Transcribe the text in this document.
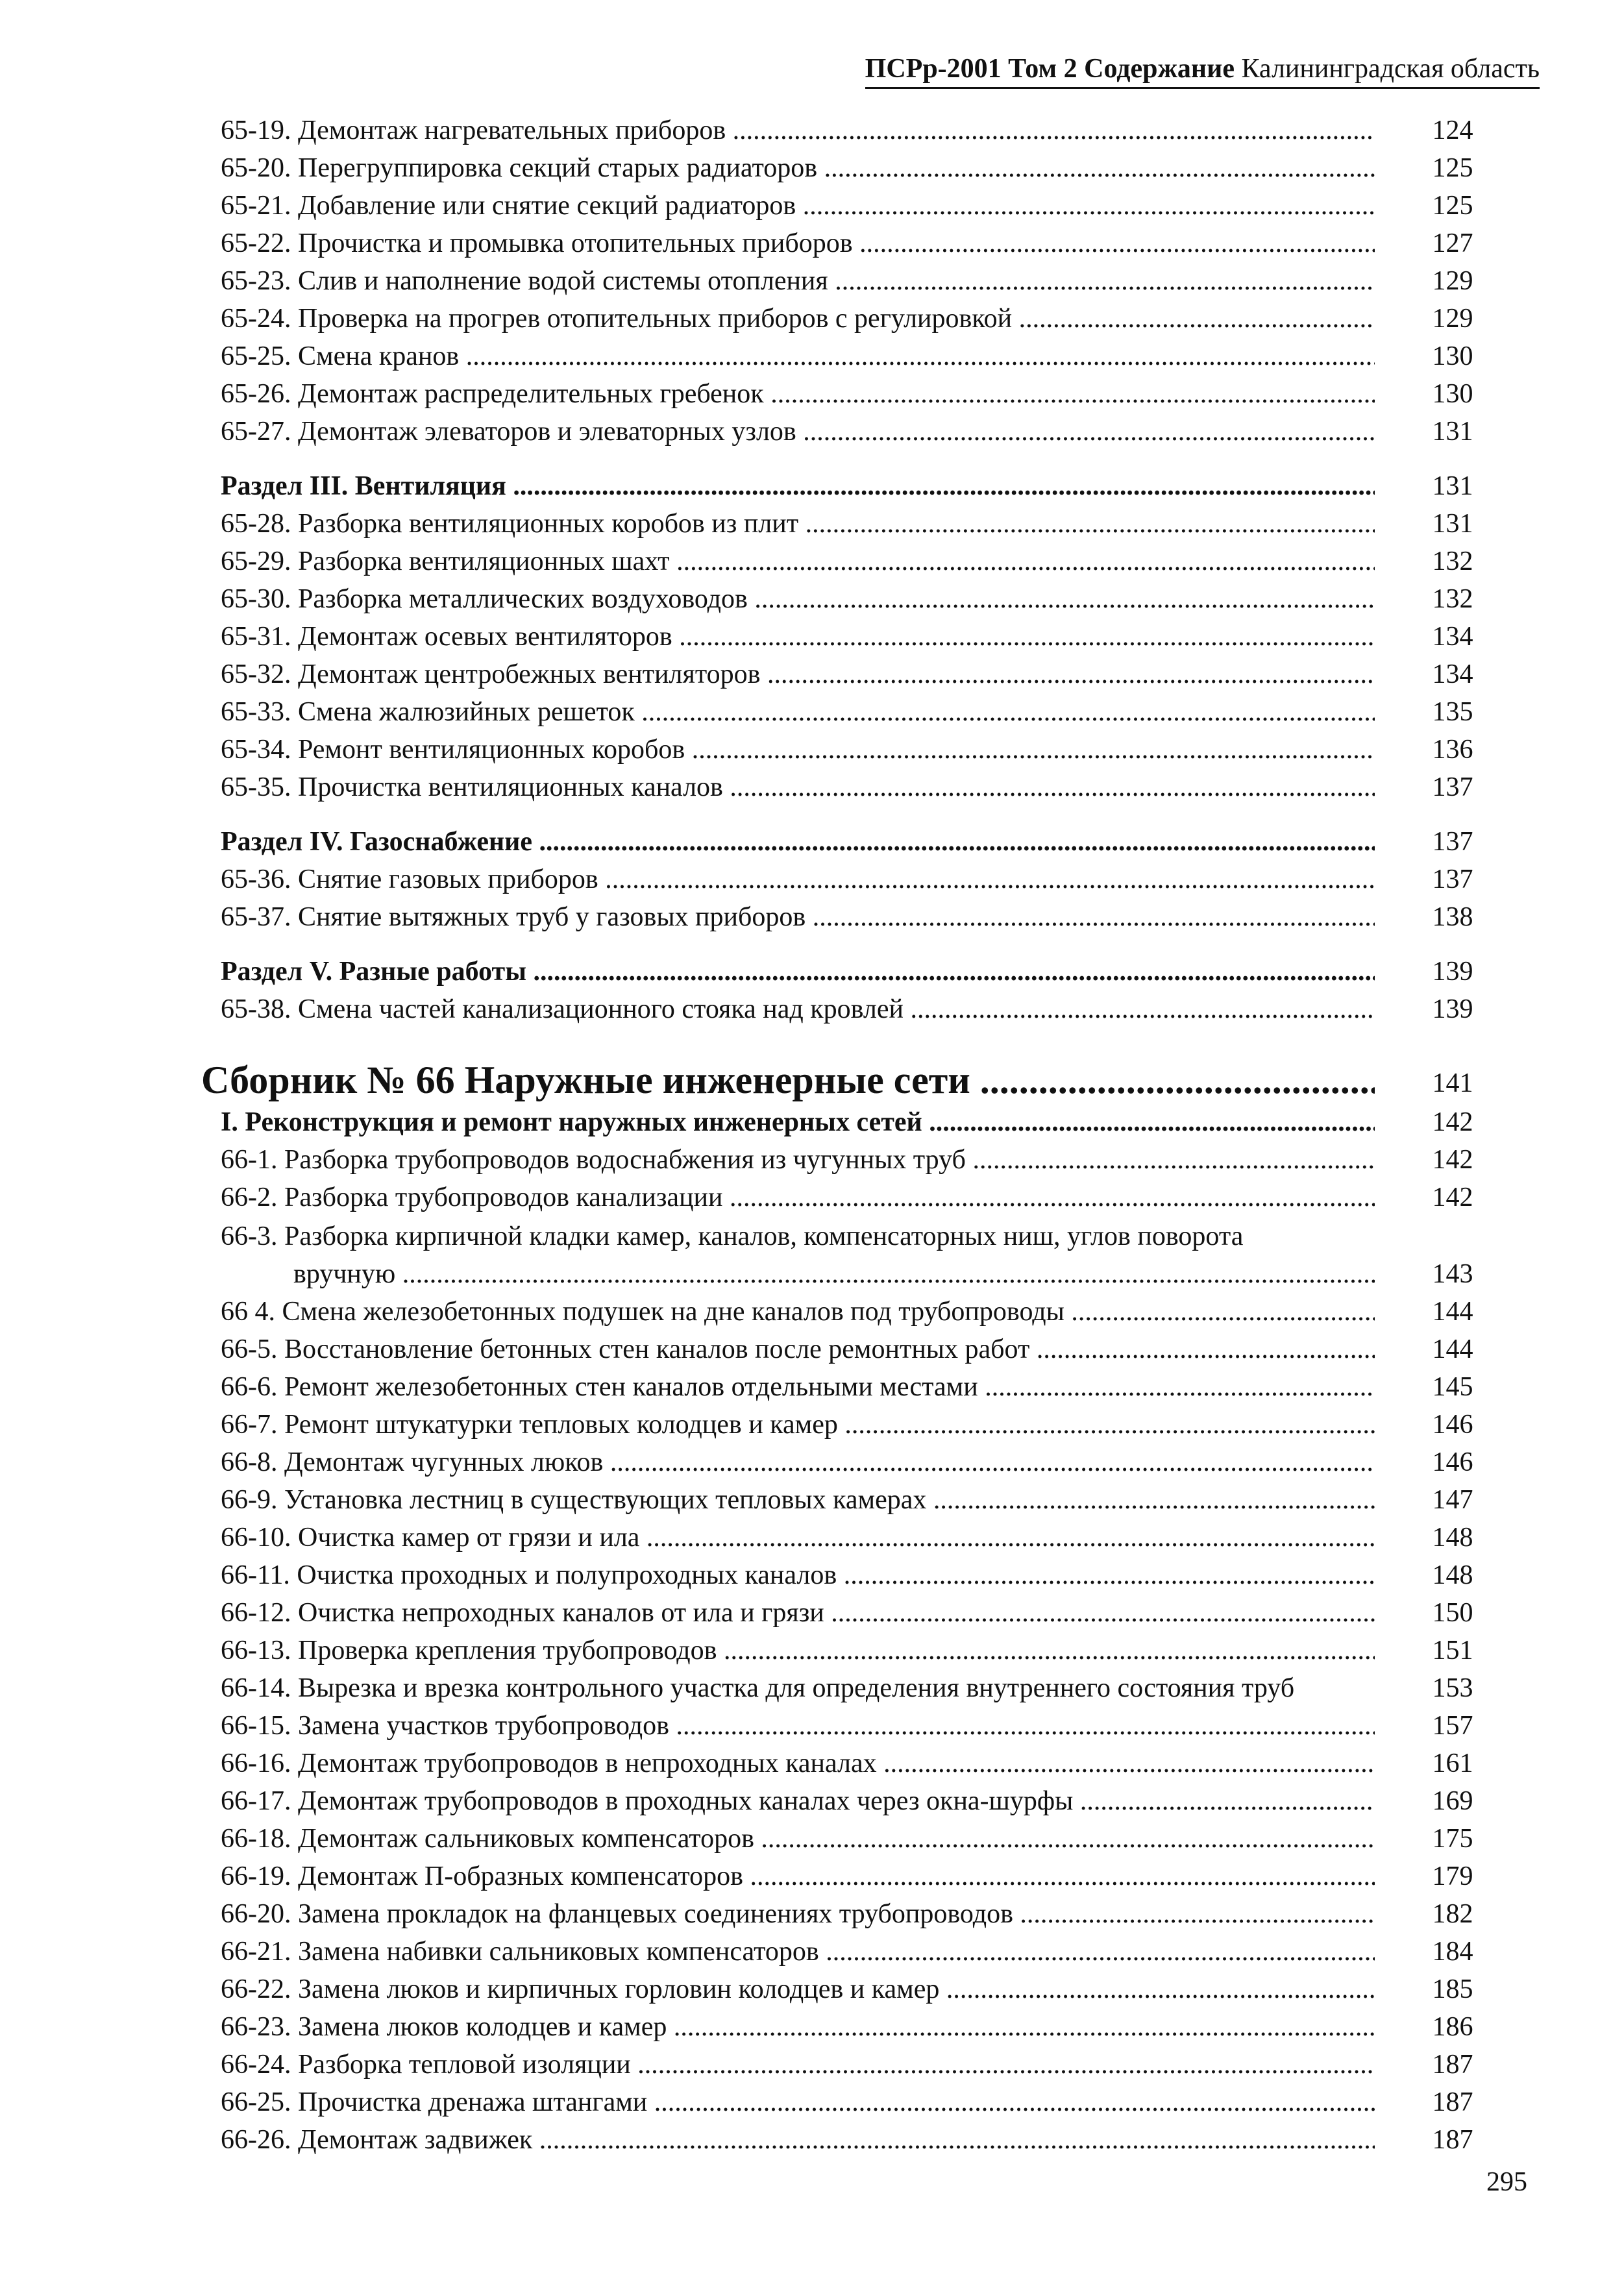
ПСРр-2001 Том 2 Содержание Калининградская область
65-19. Демонтаж нагревательных приборов .....	124
65-20. Перегруппировка секций старых радиаторов .....	125
65-21. Добавление или снятие секций радиаторов .....	125
65-22. Прочистка и промывка отопительных приборов .....	127
65-23. Слив и наполнение водой системы отопления .....	129
65-24. Проверка на прогрев отопительных приборов с регулировкой .....	129
65-25. Смена кранов .....	130
65-26. Демонтаж распределительных гребенок .....	130
65-27. Демонтаж элеваторов и элеваторных узлов .....	131
Раздел III. Вентиляция .....	131
65-28. Разборка вентиляционных коробов из плит .....	131
65-29. Разборка вентиляционных шахт .....	132
65-30. Разборка металлических воздуховодов .....	132
65-31. Демонтаж осевых вентиляторов .....	134
65-32. Демонтаж центробежных вентиляторов .....	134
65-33. Смена жалюзийных решеток .....	135
65-34. Ремонт вентиляционных коробов .....	136
65-35. Прочистка вентиляционных каналов .....	137
Раздел IV. Газоснабжение .....	137
65-36. Снятие газовых приборов .....	137
65-37. Снятие вытяжных труб у газовых приборов .....	138
Раздел V. Разные работы .....	139
65-38. Смена частей канализационного стояка над кровлей .....	139
Сборник № 66 Наружные инженерные сети .....	141
I. Реконструкция и ремонт наружных инженерных сетей .....	142
66-1. Разборка трубопроводов водоснабжения из чугунных труб .....	142
66-2. Разборка трубопроводов канализации .....	142
66-3. Разборка кирпичной кладки камер, каналов, компенсаторных ниш, углов поворота
вручную .....	143
66 4. Смена железобетонных подушек на дне каналов под трубопроводы .....	144
66-5. Восстановление бетонных стен каналов после ремонтных работ .....	144
66-6. Ремонт железобетонных стен каналов отдельными местами .....	145
66-7. Ремонт штукатурки тепловых колодцев и камер .....	146
66-8. Демонтаж чугунных люков .....	146
66-9. Установка лестниц в существующих тепловых камерах .....	147
66-10. Очистка камер от грязи и ила .....	148
66-11. Очистка проходных и полупроходных каналов .....	148
66-12. Очистка непроходных каналов от ила и грязи .....	150
66-13. Проверка крепления трубопроводов .....	151
66-14. Вырезка и врезка контрольного участка для определения внутреннего состояния труб	153
66-15. Замена участков трубопроводов .....	157
66-16. Демонтаж трубопроводов в непроходных каналах .....	161
66-17. Демонтаж трубопроводов в проходных каналах через окна-шурфы .....	169
66-18. Демонтаж сальниковых компенсаторов .....	175
66-19. Демонтаж П-образных компенсаторов .....	179
66-20. Замена прокладок на фланцевых соединениях трубопроводов .....	182
66-21. Замена набивки сальниковых компенсаторов .....	184
66-22. Замена люков и кирпичных горловин колодцев и камер .....	185
66-23. Замена люков колодцев и камер .....	186
66-24. Разборка тепловой изоляции .....	187
66-25. Прочистка дренажа штангами .....	187
66-26. Демонтаж задвижек .....	187
295
